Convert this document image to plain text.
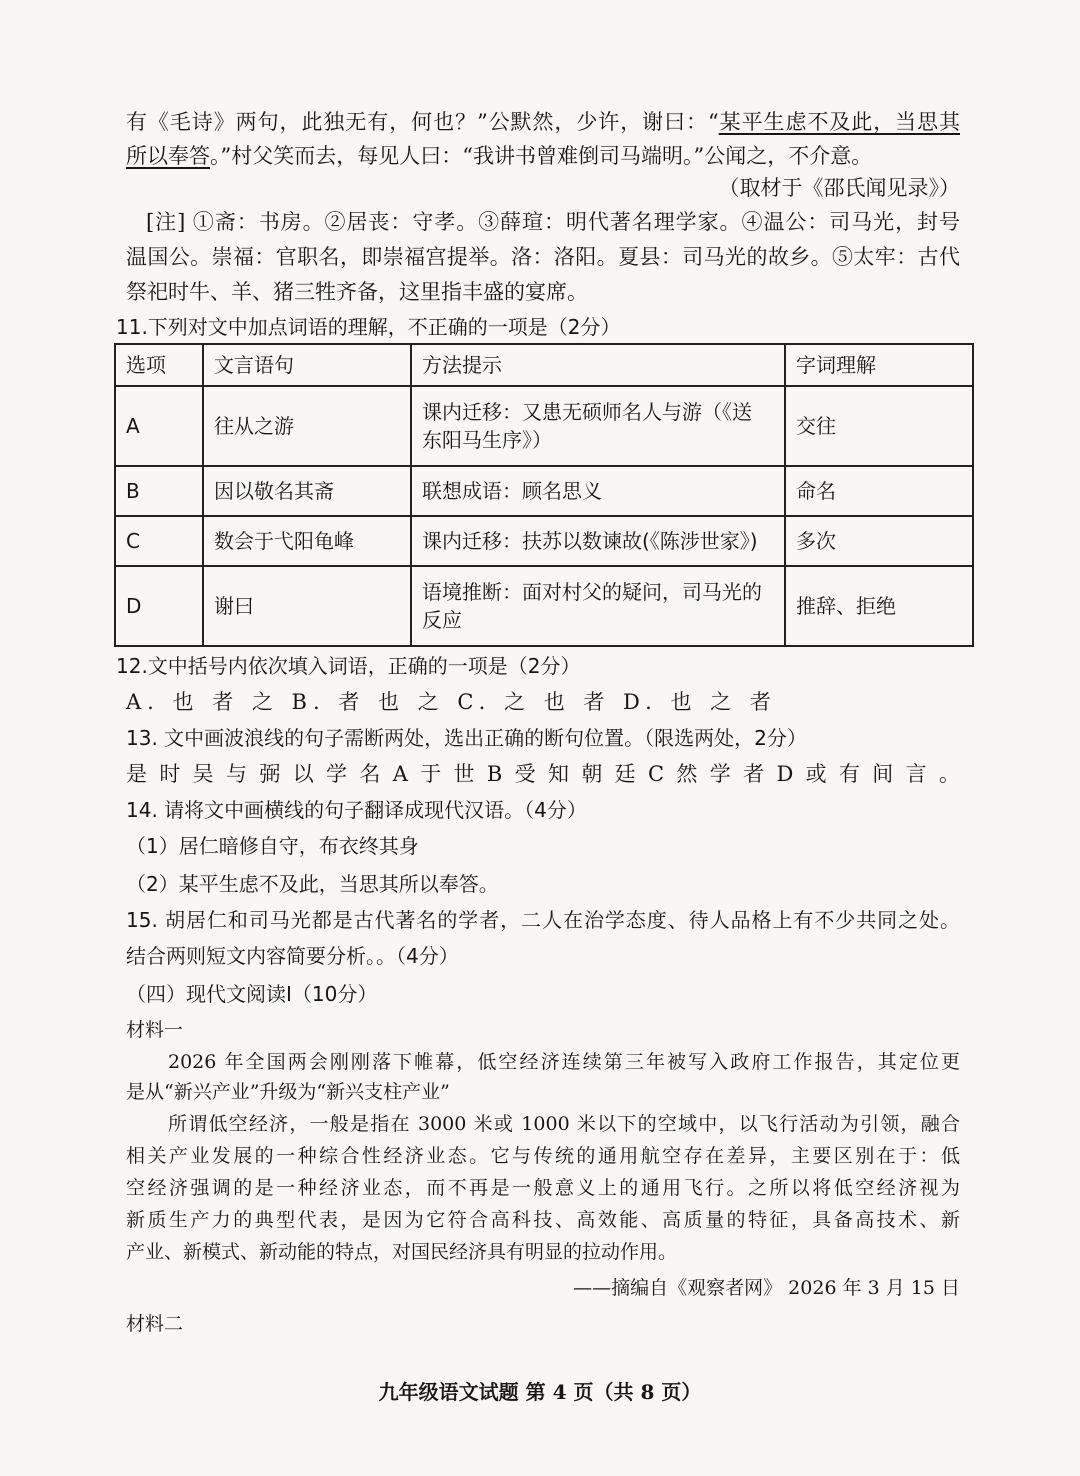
有《毛诗》两句，此独无有，何也？”公默然，少许，谢曰：“某平生虑不及此，当思其
所以奉答。”村父笑而去，每见人曰：“我讲书曾难倒司马端明。”公闻之，不介意。
（取材于《邵氏闻见录》）
[注] ①斋：书房。②居丧：守孝。③薛瑄：明代著名理学家。④温公：司马光，封号
温国公。崇福：官职名，即崇福宫提举。洛：洛阳。夏县：司马光的故乡。⑤太牢：古代
祭祀时牛、羊、猪三牲齐备，这里指丰盛的宴席。
11.下列对文中加点词语的理解，不正确的一项是（2分）
选项	文言语句	方法提示	字词理解
A	往从之游	课内迁移：又患无硕师名人与游（《送
东阳马生序》）	交往
B	因以敬名其斋	联想成语：顾名思义	命名
C	数会于弋阳龟峰	课内迁移：扶苏以数谏故(《陈涉世家》)	多次
D	谢曰	语境推断：面对村父的疑问，司马光的
反应	推辞、拒绝
12.文中括号内依次填入词语，正确的一项是（2分）
A. 也 者 之 B. 者 也 之 C. 之 也 者 D. 也 之 者
13. 文中画波浪线的句子需断两处，选出正确的断句位置。（限选两处，2分）
是时吴与弼以学名A于世B受知朝廷C然学者D或有间言。
14. 请将文中画横线的句子翻译成现代汉语。（4分）
（1）居仁暗修自守，布衣终其身
（2）某平生虑不及此，当思其所以奉答。
15. 胡居仁和司马光都是古代著名的学者，二人在治学态度、待人品格上有不少共同之处。
结合两则短文内容简要分析。。（4分）
（四）现代文阅读Ⅰ（10分）
材料一
2026 年全国两会刚刚落下帷幕，低空经济连续第三年被写入政府工作报告，其定位更
是从“新兴产业”升级为“新兴支柱产业”
所谓低空经济，一般是指在 3000 米或 1000 米以下的空域中，以飞行活动为引领，融合
相关产业发展的一种综合性经济业态。它与传统的通用航空存在差异，主要区别在于：低
空经济强调的是一种经济业态，而不再是一般意义上的通用飞行。之所以将低空经济视为
新质生产力的典型代表，是因为它符合高科技、高效能、高质量的特征，具备高技术、新
产业、新模式、新动能的特点，对国民经济具有明显的拉动作用。
——摘编自《观察者网》 2026 年 3 月 15 日
材料二
九年级语文试题 第 4 页（共 8 页）
